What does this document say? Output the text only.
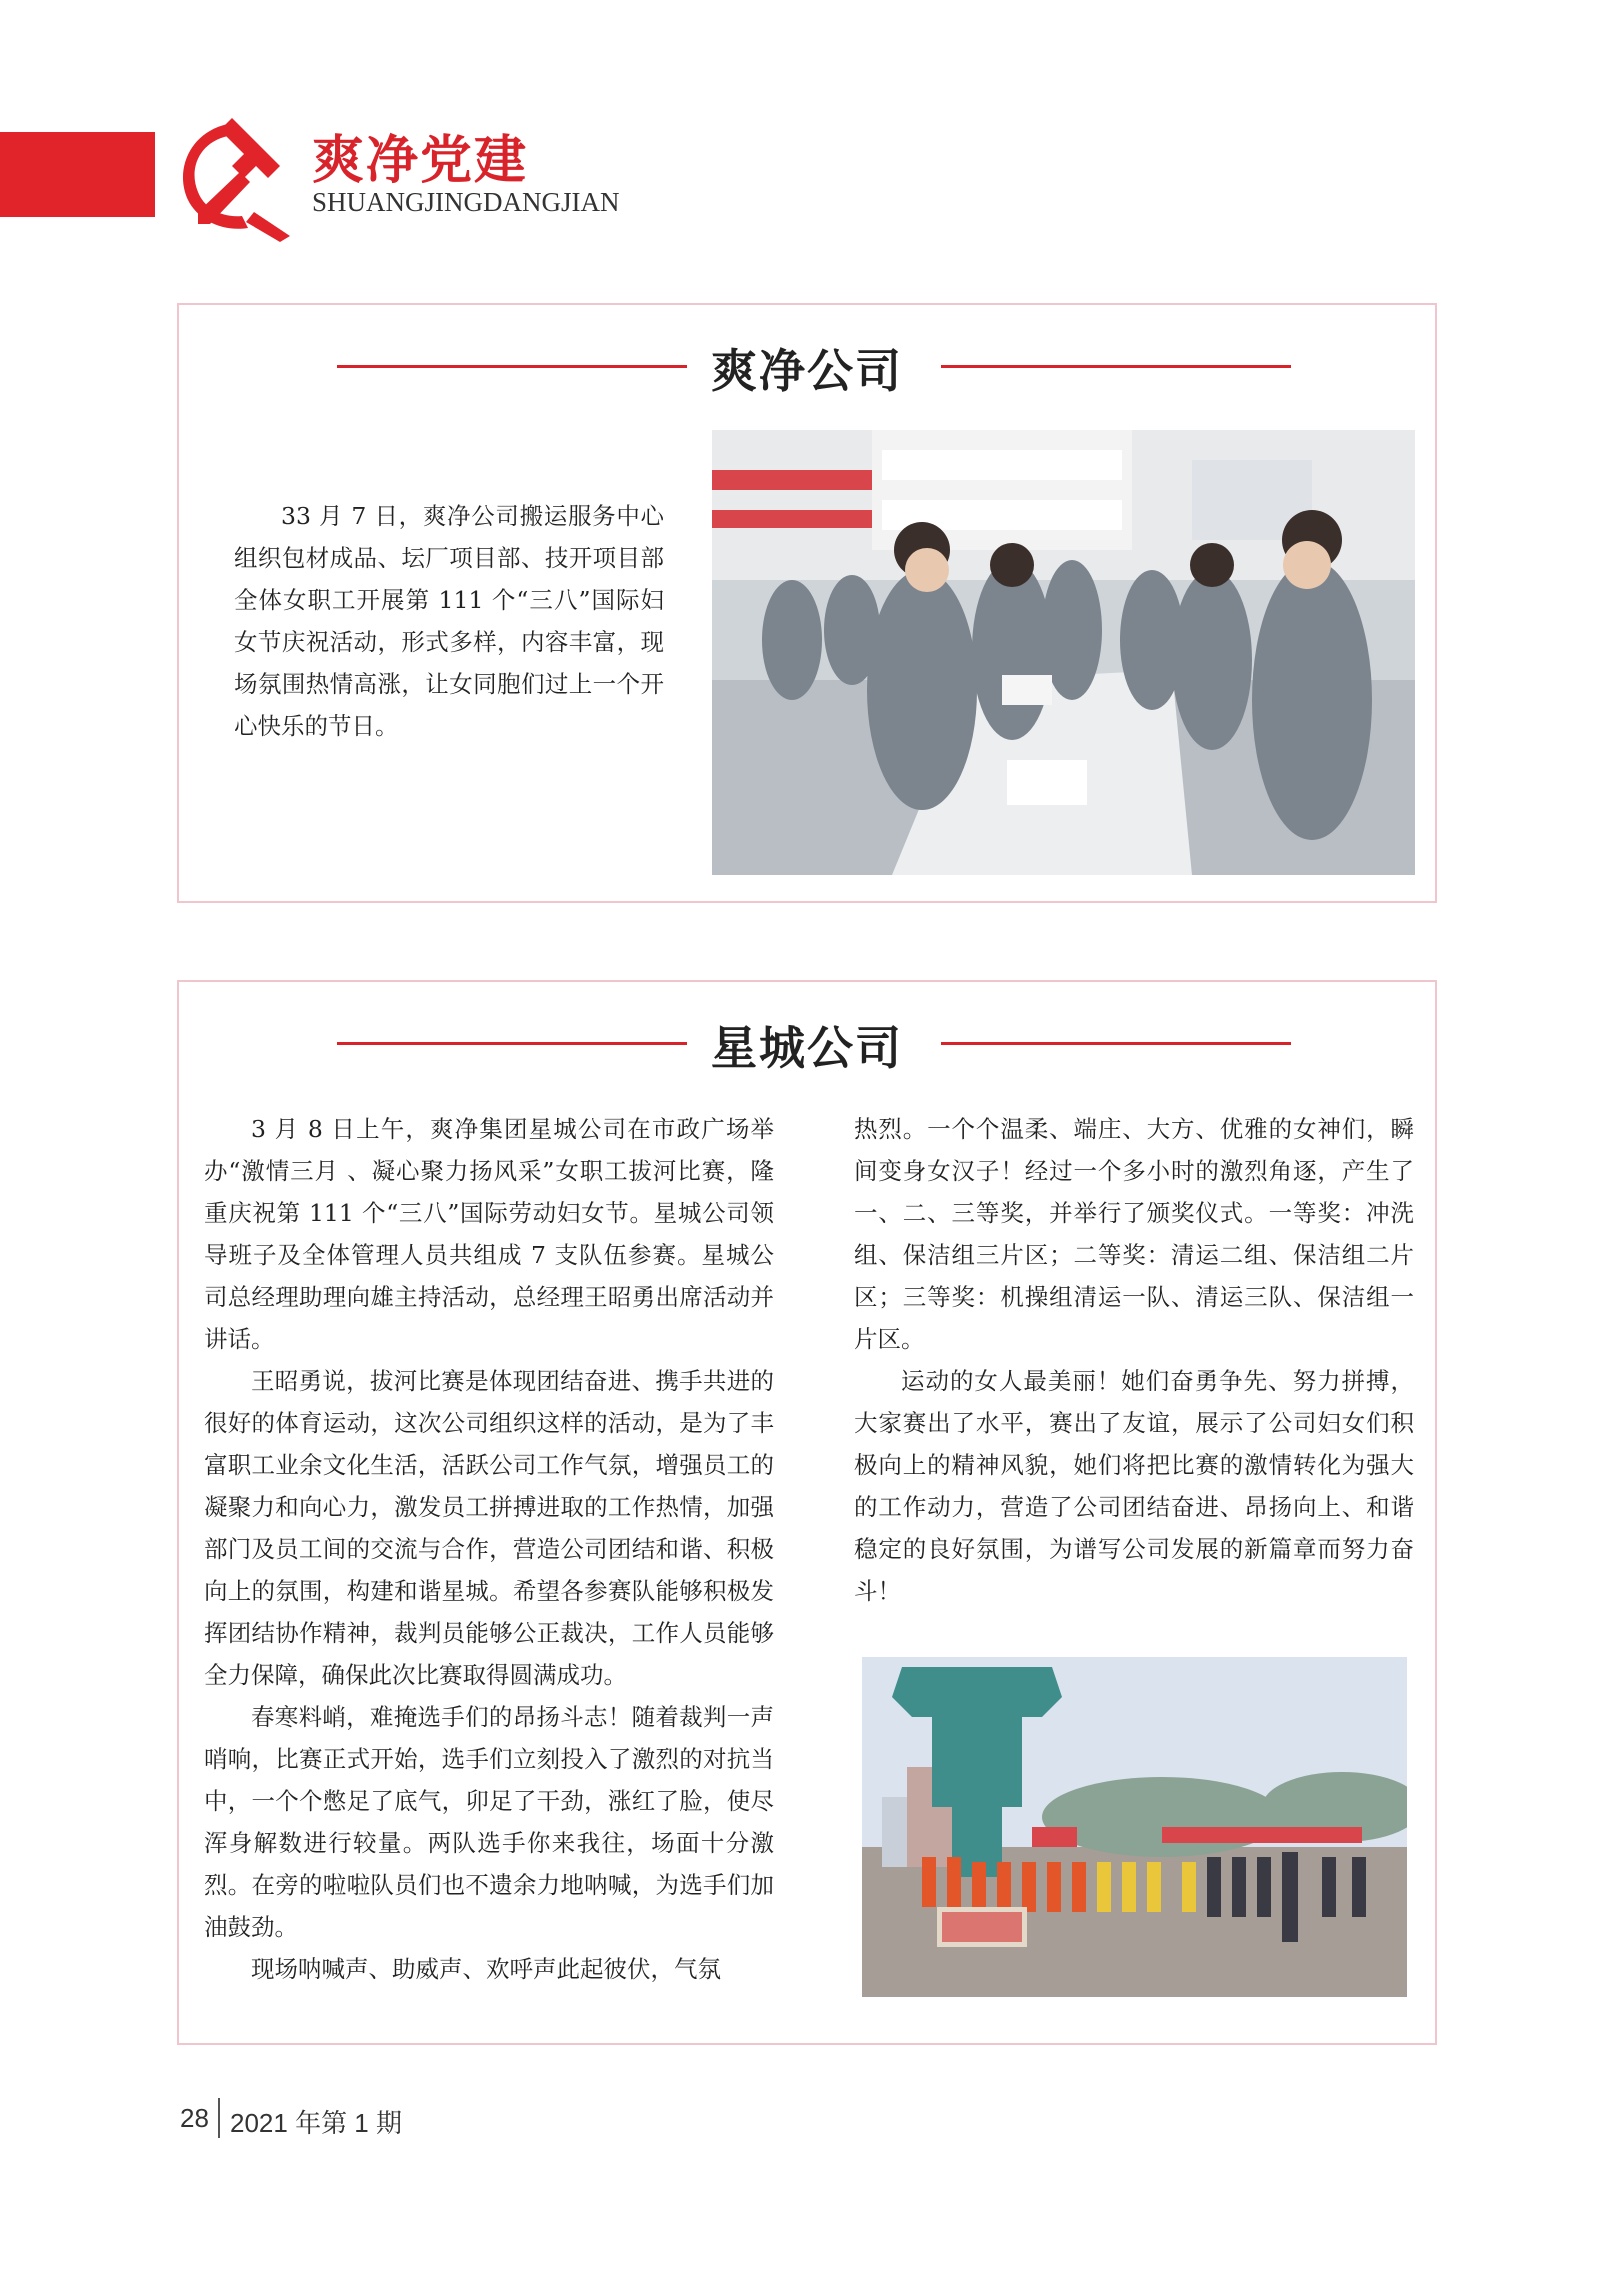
爽净党建
SHUANGJINGDANGJIAN
爽净公司

33 月 7 日，爽净公司搬运服务中心组织包材成品、坛厂项目部、技开项目部全体女职工开展第 111 个“三八”国际妇女节庆祝活动，形式多样，内容丰富，现场氛围热情高涨，让女同胞们过上一个开心快乐的节日。

星城公司

3 月 8 日上午，爽净集团星城公司在市政广场举办“激情三月 、凝心聚力扬风采”女职工拔河比赛，隆重庆祝第 111 个“三八”国际劳动妇女节。星城公司领导班子及全体管理人员共组成 7 支队伍参赛。星城公司总经理助理向雄主持活动，总经理王昭勇出席活动并讲话。

王昭勇说，拔河比赛是体现团结奋进、携手共进的很好的体育运动，这次公司组织这样的活动，是为了丰富职工业余文化生活，活跃公司工作气氛，增强员工的凝聚力和向心力，激发员工拼搏进取的工作热情，加强部门及员工间的交流与合作，营造公司团结和谐、积极向上的氛围，构建和谐星城。希望各参赛队能够积极发挥团结协作精神，裁判员能够公正裁决，工作人员能够全力保障，确保此次比赛取得圆满成功。

春寒料峭，难掩选手们的昂扬斗志！随着裁判一声哨响，比赛正式开始，选手们立刻投入了激烈的对抗当中，一个个憋足了底气，卯足了干劲，涨红了脸，使尽浑身解数进行较量。两队选手你来我往，场面十分激烈。在旁的啦啦队员们也不遗余力地呐喊，为选手们加油鼓劲。

现场呐喊声、助威声、欢呼声此起彼伏，气氛

热烈。一个个温柔、端庄、大方、优雅的女神们，瞬间变身女汉子！经过一个多小时的激烈角逐，产生了一、二、三等奖，并举行了颁奖仪式。一等奖：冲洗组、保洁组三片区；二等奖：清运二组、保洁组二片区；三等奖：机操组清运一队、清运三队、保洁组一片区。

运动的女人最美丽！她们奋勇争先、努力拼搏，大家赛出了水平，赛出了友谊，展示了公司妇女们积极向上的精神风貌，她们将把比赛的激情转化为强大的工作动力，营造了公司团结奋进、昂扬向上、和谐稳定的良好氛围，为谱写公司发展的新篇章而努力奋斗！

28 2021 年第 1 期
